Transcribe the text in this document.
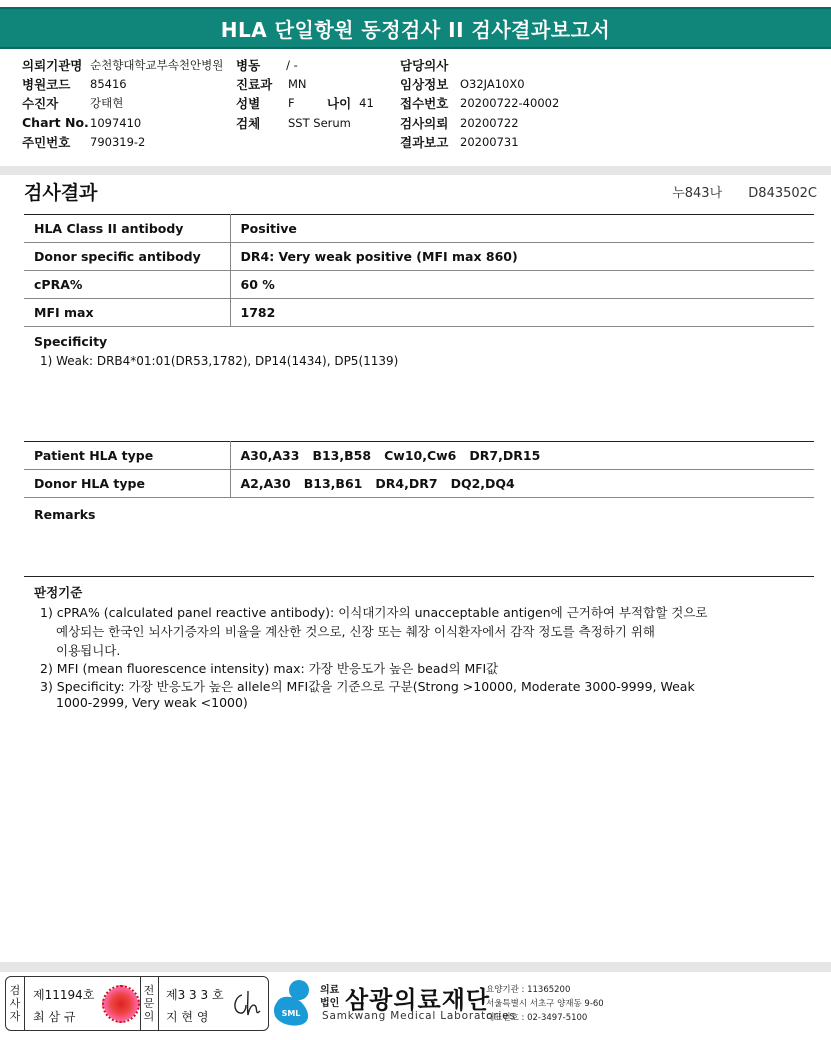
HLA 단일항원 동정검사 II 검사결과보고서
의뢰기관명 순천향대학교부속천안병원
병원코드	85416
수진자	강태현
Chart No. 1097410
주민번호	790319-2
병동 / -
진료과	MN
성별	F	나이 41
검체	SST Serum
담당의사
임상정보	O32JA10X0
접수번호	20200722-40002
검사의뢰	20200722
결과보고	20200731
검사결과	누843나 D843502C
HLA Class II antibody	Positive
Donor specific antibody	DR4: Very weak positive (MFI max 860)
cPRA%	60 %
MFI max	1782
Specificity
1) Weak: DRB4*01:01(DR53,1782), DP14(1434), DP5(1139)
Patient HLA type	A30,A33   B13,B58   Cw10,Cw6   DR7,DR15
Donor HLA type	A2,A30   B13,B61   DR4,DR7   DQ2,DQ4
Remarks
판정기준
1) cPRA% (calculated panel reactive antibody): 이식대기자의 unacceptable antigen에 근거하여 부적합할 것으로
예상되는 한국인 뇌사기증자의 비율을 계산한 것으로, 신장 또는 췌장 이식환자에서 감작 정도를 측정하기 위해
이용됩니다.
2) MFI (mean fluorescence intensity) max: 가장 반응도가 높은 bead의 MFI값
3) Specificity: 가장 반응도가 높은 allele의 MFI값을 기준으로 구분(Strong >10000, Moderate 3000-9999, Weak
1000-2999, Very weak <1000)
검
사
자
제11194호
최 삼 규
전
문
의
제3 3 3 호
지 현 영	SML
의료
법인 삼광의료재단
Samkwang Medical Laboratories
요양기관 : 11365200
서울특별시 서초구 양재동 9-60
대표번호 : 02-3497-5100
